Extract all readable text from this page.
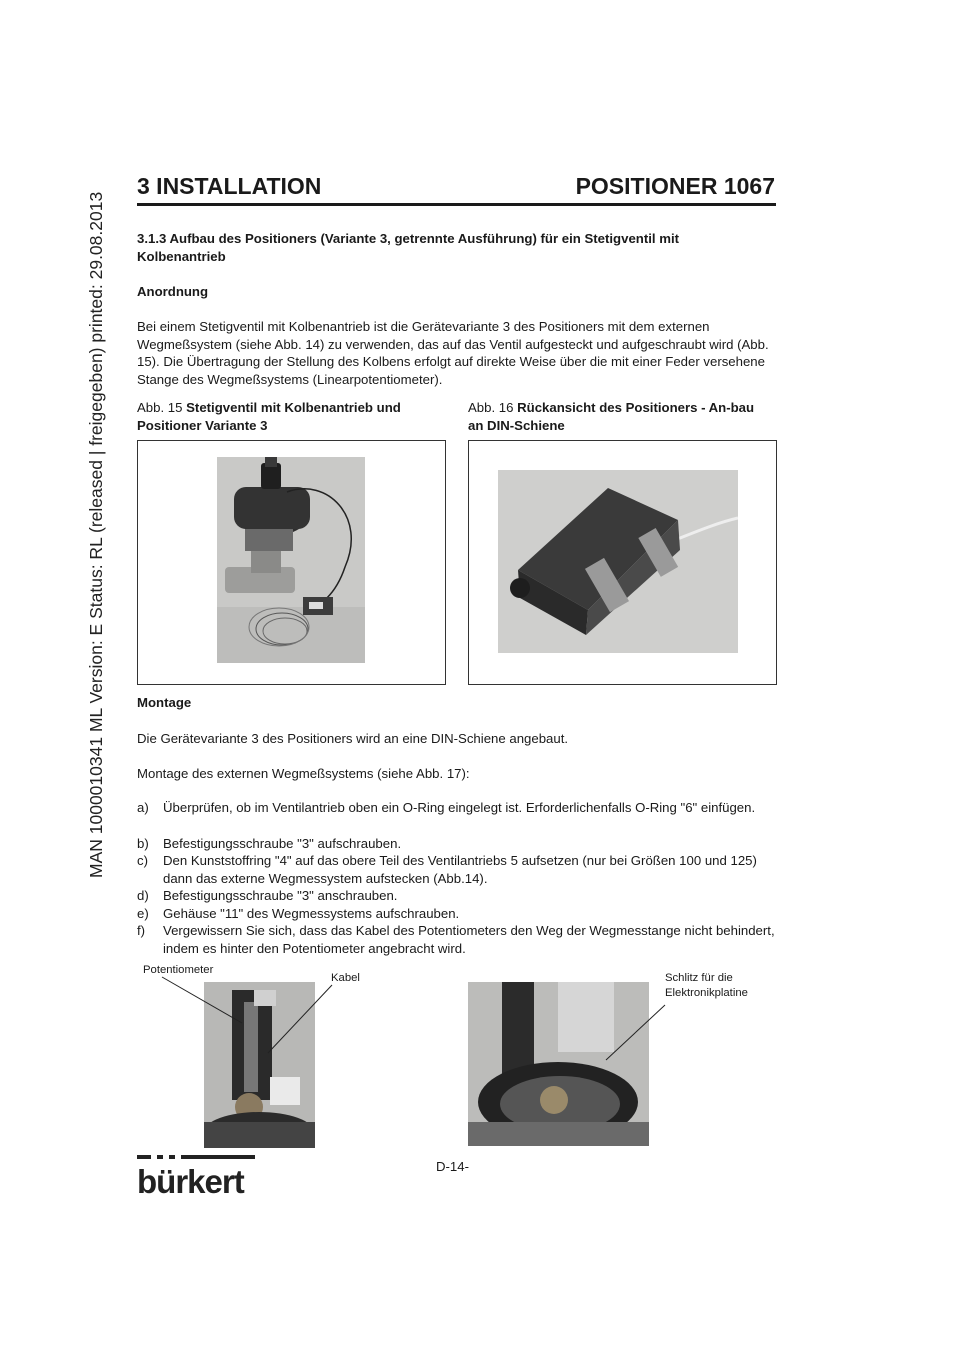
MAN 1000010341 ML Version: E Status: RL (released | freigegeben) printed: 29.08.2013
3 INSTALLATION	POSITIONER 1067
3.1.3 Aufbau des Positioners (Variante 3, getrennte Ausführung) für ein Stetigventil mit Kolbenantrieb
Anordnung
Bei einem Stetigventil mit Kolbenantrieb ist die Gerätevariante 3 des Positioners mit dem externen Wegmeßsystem (siehe Abb. 14) zu verwenden, das auf das Ventil aufgesteckt und aufgeschraubt wird (Abb. 15). Die Übertragung der Stellung des Kolbens erfolgt auf direkte Weise über die mit einer Feder versehene Stange des Wegmeßsystems (Linearpotentiometer).
Abb. 15 Stetigventil mit Kolbenantrieb und Positioner Variante 3
Abb. 16 Rückansicht des Positioners - An-bau an DIN-Schiene
Montage
Die Gerätevariante 3 des Positioners wird an eine DIN-Schiene angebaut.
Montage des externen Wegmeßsystems (siehe Abb. 17):
a) Überprüfen, ob im Ventilantrieb oben ein O-Ring eingelegt ist. Erforderlichenfalls O-Ring "6" einfügen.
b) Befestigungsschraube "3" aufschrauben.
c) Den Kunststoffring "4" auf das obere Teil des Ventilantriebs 5 aufsetzen (nur bei Größen 100 und 125) dann das externe Wegmessystem aufstecken (Abb.14).
d) Befestigungsschraube "3" anschrauben.
e) Gehäuse "11" des Wegmessystems aufschrauben.
f) Vergewissern Sie sich, dass das Kabel des Potentiometers den Weg der Wegmesstange nicht behindert, indem es hinter den Potentiometer angebracht wird.
Potentiometer
Kabel	Schlitz für die
Elektronikplatine
D-14-
bürkert
